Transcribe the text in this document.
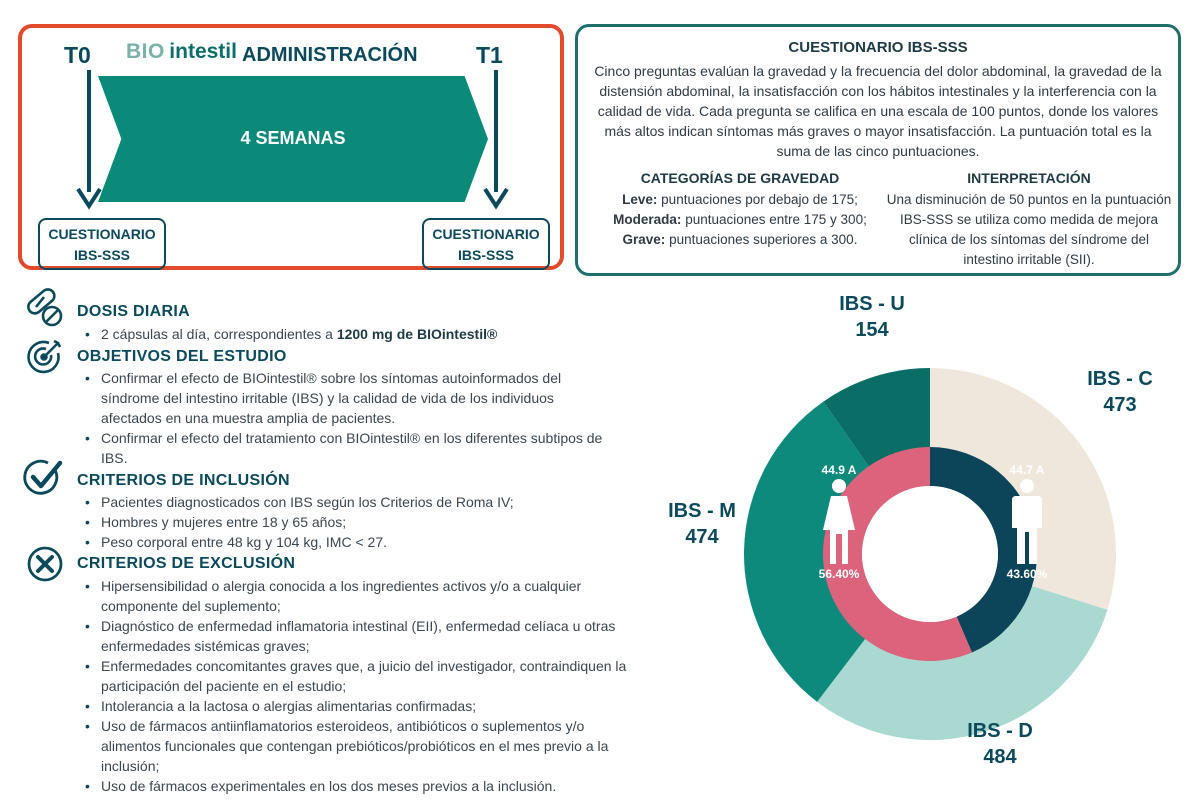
T0	T1
BIO intestil ADMINISTRACIÓN
4 SEMANAS
CUESTIONARIO
IBS-SSS
CUESTIONARIO
IBS-SSS
CUESTIONARIO IBS-SSS
Cinco preguntas evalúan la gravedad y la frecuencia del dolor abdominal, la gravedad de la distensión abdominal, la insatisfacción con los hábitos intestinales y la interferencia con la calidad de vida. Cada pregunta se califica en una escala de 100 puntos, donde los valores más altos indican síntomas más graves o mayor insatisfacción. La puntuación total es la suma de las cinco puntuaciones.
CATEGORÍAS DE GRAVEDAD
Leve: puntuaciones por debajo de 175;
Moderada: puntuaciones entre 175 y 300;
Grave: puntuaciones superiores a 300.
INTERPRETACIÓN
Una disminución de 50 puntos en la puntuación IBS-SSS se utiliza como medida de mejora clínica de los síntomas del síndrome del intestino irritable (SII).
DOSIS DIARIA
• 2 cápsulas al día, correspondientes a 1200 mg de BIOintestil®
OBJETIVOS DEL ESTUDIO
• Confirmar el efecto de BIOintestil® sobre los síntomas autoinformados del síndrome del intestino irritable (IBS) y la calidad de vida de los individuos afectados en una muestra amplia de pacientes.
• Confirmar el efecto del tratamiento con BIOintestil® en los diferentes subtipos de IBS.
CRITERIOS DE INCLUSIÓN
• Pacientes diagnosticados con IBS según los Criterios de Roma IV;
• Hombres y mujeres entre 18 y 65 años;
• Peso corporal entre 48 kg y 104 kg, IMC < 27.
CRITERIOS DE EXCLUSIÓN
• Hipersensibilidad o alergia conocida a los ingredientes activos y/o a cualquier componente del suplemento;
• Diagnóstico de enfermedad inflamatoria intestinal (EII), enfermedad celíaca u otras enfermedades sistémicas graves;
• Enfermedades concomitantes graves que, a juicio del investigador, contraindiquen la participación del paciente en el estudio;
• Intolerancia a la lactosa o alergias alimentarias confirmadas;
• Uso de fármacos antiinflamatorios esteroideos, antibióticos o suplementos y/o alimentos funcionales que contengan prebióticos/probióticos en el mes previo a la inclusión;
• Uso de fármacos experimentales en los dos meses previos a la inclusión.
44.9 A
56.40%
44.7 A
43.60%
IBS - U
154
IBS - C
473
IBS - M
474
IBS - D
484
